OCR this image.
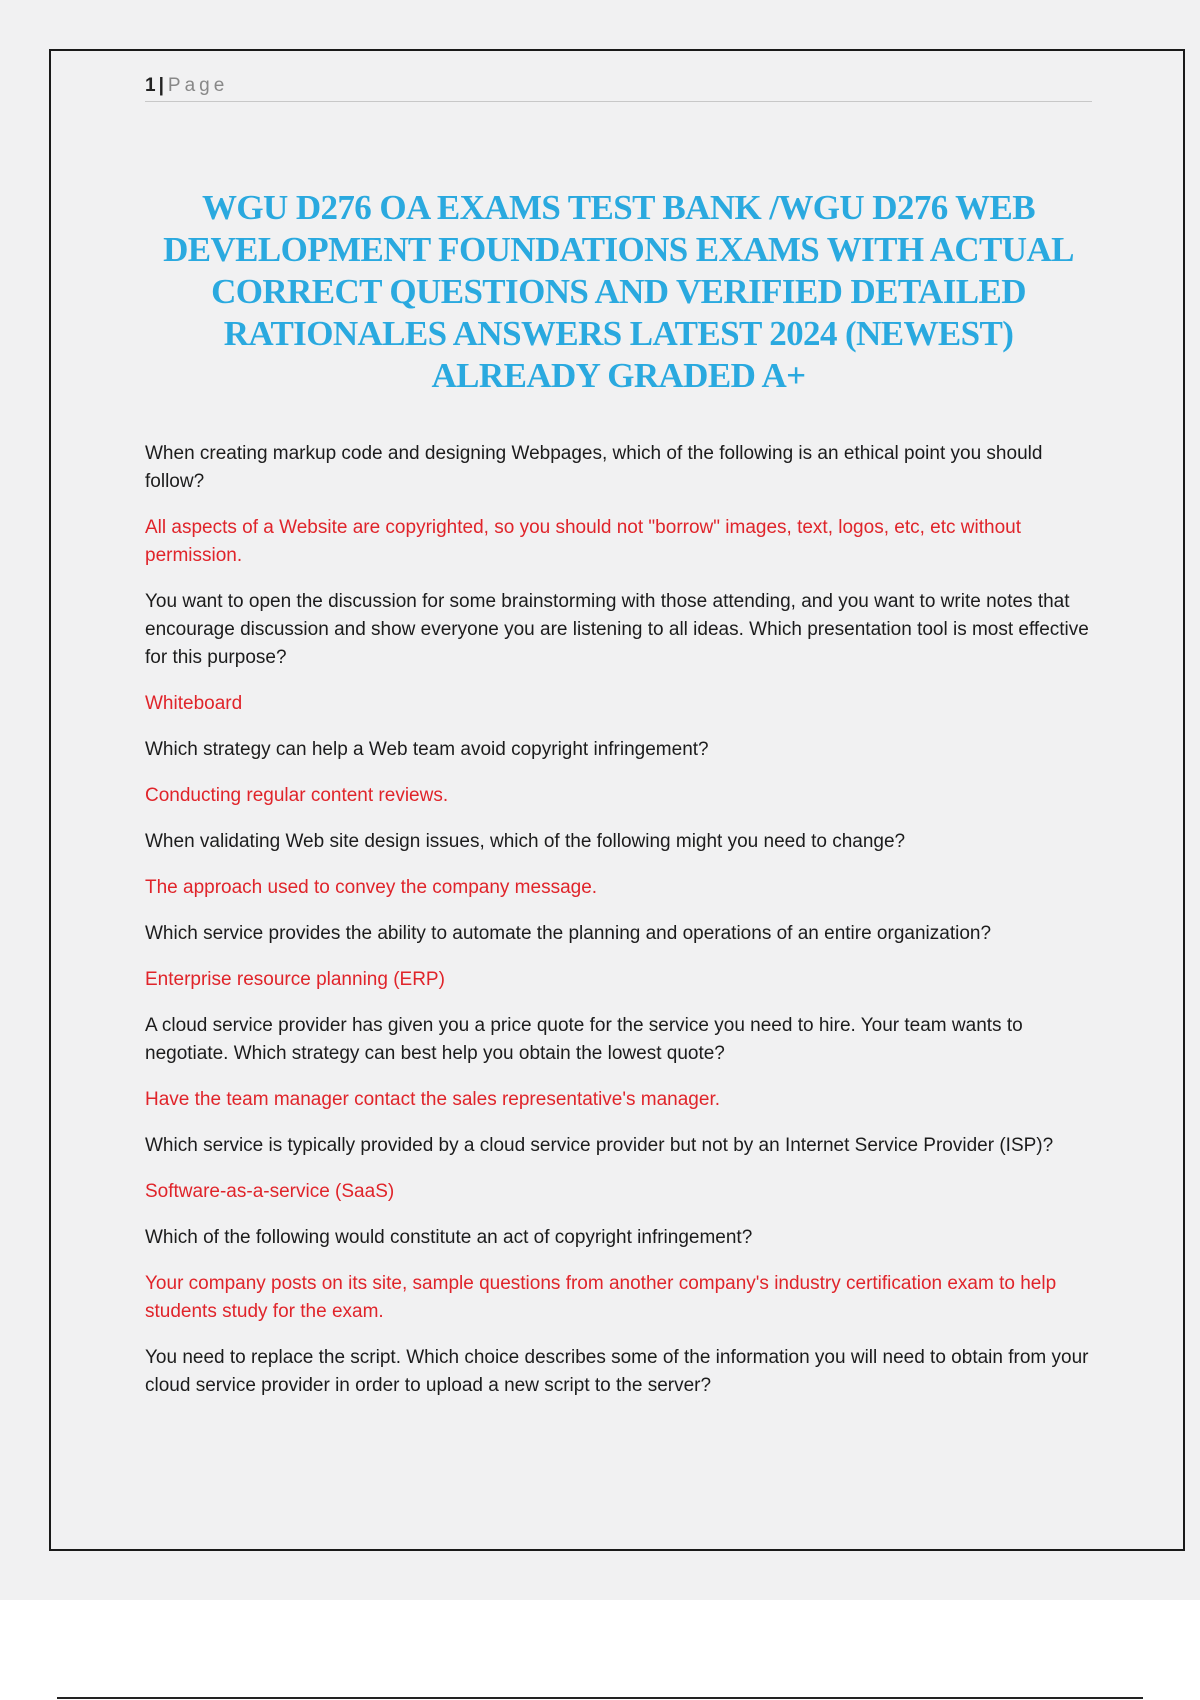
1 | Page
WGU D276 OA EXAMS TEST BANK /WGU D276 WEB DEVELOPMENT FOUNDATIONS EXAMS WITH ACTUAL CORRECT QUESTIONS AND VERIFIED DETAILED RATIONALES ANSWERS LATEST 2024 (NEWEST) ALREADY GRADED A+

When creating markup code and designing Webpages, which of the following is an ethical point you should follow?

All aspects of a Website are copyrighted, so you should not "borrow" images, text, logos, etc, etc without permission.

You want to open the discussion for some brainstorming with those attending, and you want to write notes that encourage discussion and show everyone you are listening to all ideas. Which presentation tool is most effective for this purpose?

Whiteboard

Which strategy can help a Web team avoid copyright infringement?

Conducting regular content reviews.

When validating Web site design issues, which of the following might you need to change?

The approach used to convey the company message.

Which service provides the ability to automate the planning and operations of an entire organization?

Enterprise resource planning (ERP)

A cloud service provider has given you a price quote for the service you need to hire. Your team wants to negotiate. Which strategy can best help you obtain the lowest quote?

Have the team manager contact the sales representative's manager.

Which service is typically provided by a cloud service provider but not by an Internet Service Provider (ISP)?

Software-as-a-service (SaaS)

Which of the following would constitute an act of copyright infringement?

Your company posts on its site, sample questions from another company's industry certification exam to help students study for the exam.

You need to replace the script. Which choice describes some of the information you will need to obtain from your cloud service provider in order to upload a new script to the server?
